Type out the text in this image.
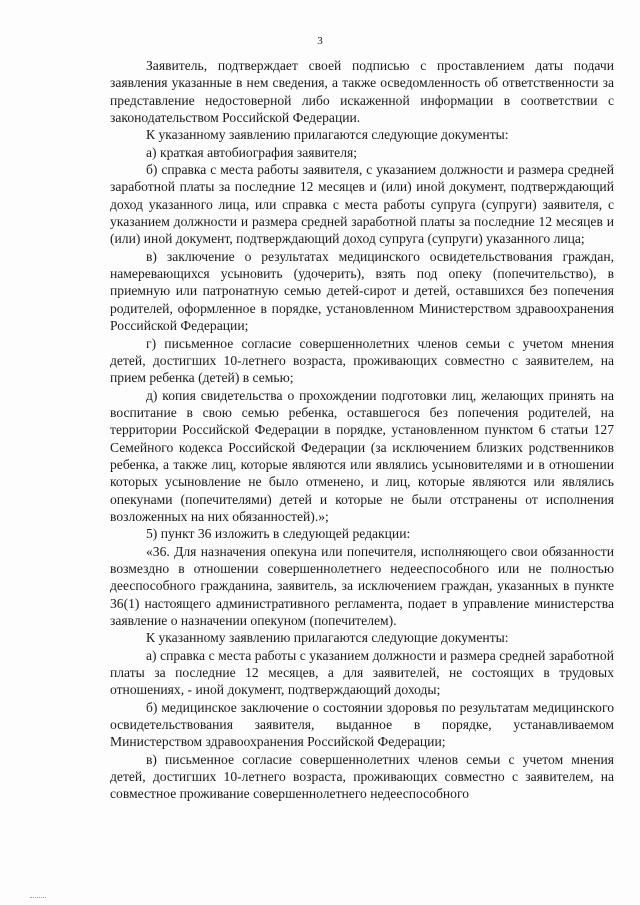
3

Заявитель, подтверждает своей подписью с проставлением даты подачи заявления указанные в нем сведения, а также осведомленность об ответственности за представление недостоверной либо искаженной информации в соответствии с законодательством Российской Федерации.

К указанному заявлению прилагаются следующие документы:

а) краткая автобиография заявителя;

б) справка с места работы заявителя, с указанием должности и размера средней заработной платы за последние 12 месяцев и (или) иной документ, подтверждающий доход указанного лица, или справка с места работы супруга (супруги) заявителя, с указанием должности и размера средней заработной платы за последние 12 месяцев и (или) иной документ, подтверждающий доход супруга (супруги) указанного лица;

в) заключение о результатах медицинского освидетельствования граждан, намеревающихся усыновить (удочерить), взять под опеку (попечительство), в приемную или патронатную семью детей-сирот и детей, оставшихся без попечения родителей, оформленное в порядке, установленном Министерством здравоохранения Российской Федерации;

г) письменное согласие совершеннолетних членов семьи с учетом мнения детей, достигших 10-летнего возраста, проживающих совместно с заявителем, на прием ребенка (детей) в семью;

д) копия свидетельства о прохождении подготовки лиц, желающих принять на воспитание в свою семью ребенка, оставшегося без попечения родителей, на территории Российской Федерации в порядке, установленном пунктом 6 статьи 127 Семейного кодекса Российской Федерации (за исключением близких родственников ребенка, а также лиц, которые являются или являлись усыновителями и в отношении которых усыновление не было отменено, и лиц, которые являются или являлись опекунами (попечителями) детей и которые не были отстранены от исполнения возложенных на них обязанностей).»;

5) пункт 36 изложить в следующей редакции:

«36. Для назначения опекуна или попечителя, исполняющего свои обязанности возмездно в отношении совершеннолетнего недееспособного или не полностью дееспособного гражданина, заявитель, за исключением граждан, указанных в пункте 36(1) настоящего административного регламента, подает в управление министерства заявление о назначении опекуном (попечителем).

К указанному заявлению прилагаются следующие документы:

а) справка с места работы с указанием должности и размера средней заработной платы за последние 12 месяцев, а для заявителей, не состоящих в трудовых отношениях, - иной документ, подтверждающий доходы;

б) медицинское заключение о состоянии здоровья по результатам медицинского освидетельствования заявителя, выданное в порядке, устанавливаемом Министерством здравоохранения Российской Федерации;

в) письменное согласие совершеннолетних членов семьи с учетом мнения детей, достигших 10-летнего возраста, проживающих совместно с заявителем, на совместное проживание совершеннолетнего недееспособного
